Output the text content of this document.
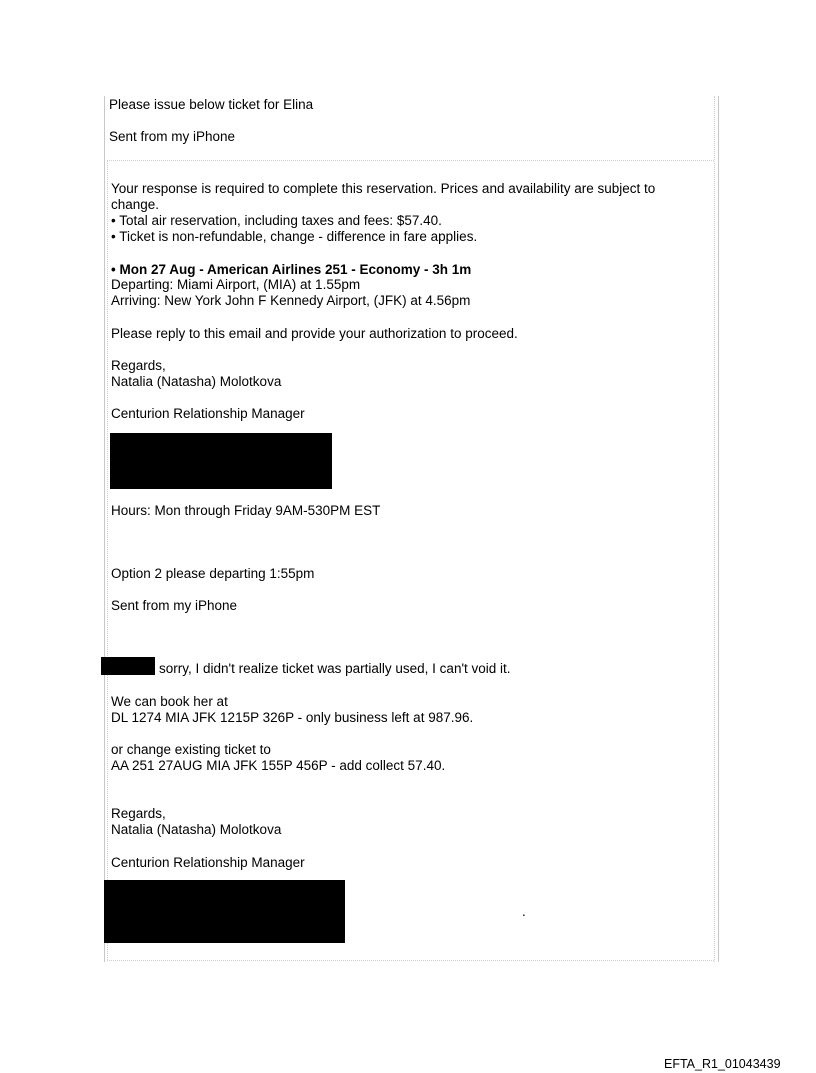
Please issue below ticket for Elina
Sent from my iPhone
Your response is required to complete this reservation. Prices and availability are subject to
change.
• Total air reservation, including taxes and fees: $57.40.
• Ticket is non-refundable, change - difference in fare applies.
• Mon 27 Aug - American Airlines 251 - Economy - 3h 1m
Departing: Miami Airport, (MIA) at 1.55pm
Arriving: New York John F Kennedy Airport, (JFK) at 4.56pm
Please reply to this email and provide your authorization to proceed.
Regards,
Natalia (Natasha) Molotkova
Centurion Relationship Manager
Hours: Mon through Friday 9AM-530PM EST
Option 2 please departing 1:55pm
Sent from my iPhone
sorry, I didn't realize ticket was partially used, I can't void it.
We can book her at
DL 1274 MIA JFK 1215P 326P - only business left at 987.96.
or change existing ticket to
AA 251 27AUG MIA JFK 155P 456P - add collect 57.40.
Regards,
Natalia (Natasha) Molotkova
Centurion Relationship Manager
.
EFTA_R1_01043439
